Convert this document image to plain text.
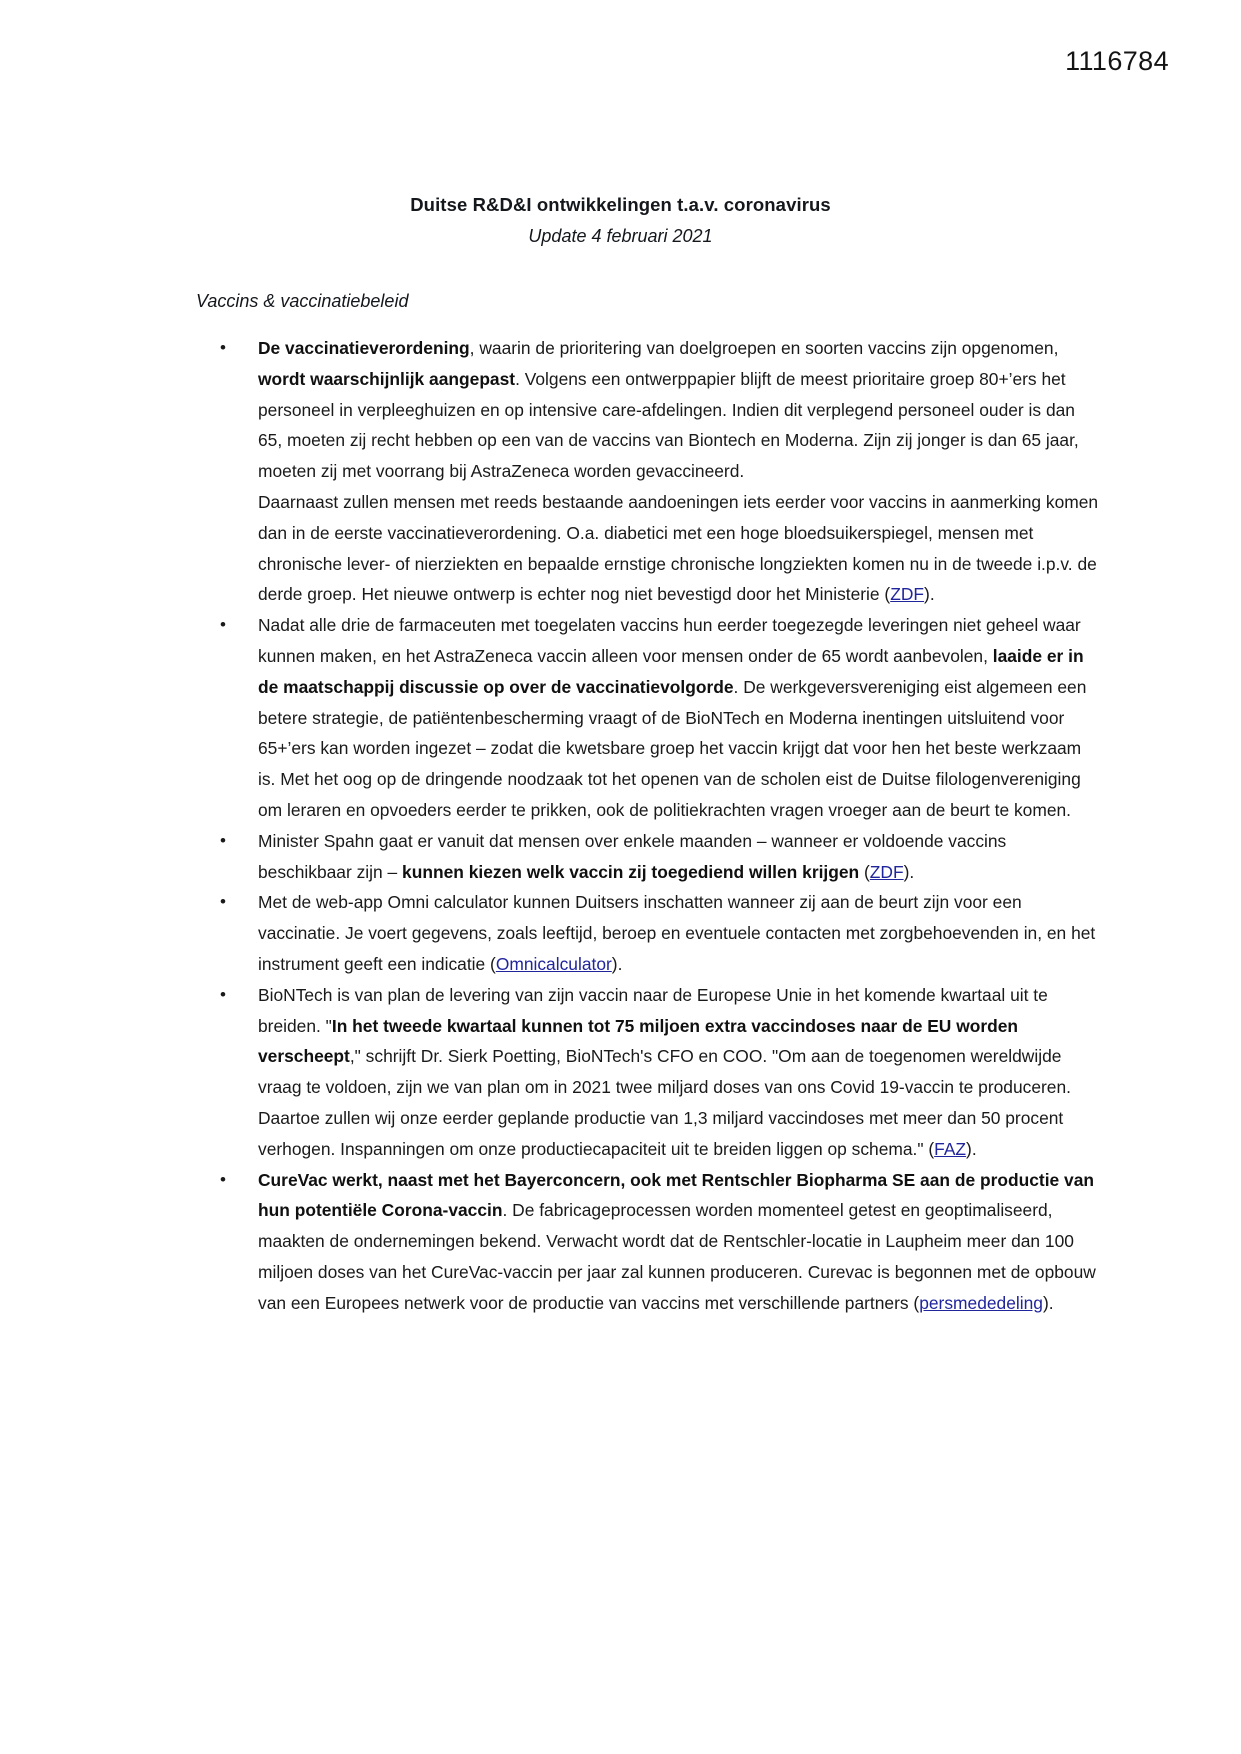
1116784
Duitse R&D&I ontwikkelingen t.a.v. coronavirus
Update 4 februari 2021
Vaccins & vaccinatiebeleid
• De vaccinatieverordening, waarin de prioritering van doelgroepen en soorten vaccins zijn opgenomen, wordt waarschijnlijk aangepast. Volgens een ontwerppapier blijft de meest prioritaire groep 80+’ers het personeel in verpleeghuizen en op intensive care-afdelingen. Indien dit verplegend personeel ouder is dan 65, moeten zij recht hebben op een van de vaccins van Biontech en Moderna. Zijn zij jonger is dan 65 jaar, moeten zij met voorrang bij AstraZeneca worden gevaccineerd.
Daarnaast zullen mensen met reeds bestaande aandoeningen iets eerder voor vaccins in aanmerking komen dan in de eerste vaccinatieverordening. O.a. diabetici met een hoge bloedsuikerspiegel, mensen met chronische lever- of nierziekten en bepaalde ernstige chronische longziekten komen nu in de tweede i.p.v. de derde groep. Het nieuwe ontwerp is echter nog niet bevestigd door het Ministerie (ZDF).
• Nadat alle drie de farmaceuten met toegelaten vaccins hun eerder toegezegde leveringen niet geheel waar kunnen maken, en het AstraZeneca vaccin alleen voor mensen onder de 65 wordt aanbevolen, laaide er in de maatschappij discussie op over de vaccinatievolgorde. De werkgeversvereniging eist algemeen een betere strategie, de patiëntenbescherming vraagt of de BioNTech en Moderna inentingen uitsluitend voor 65+’ers kan worden ingezet – zodat die kwetsbare groep het vaccin krijgt dat voor hen het beste werkzaam is. Met het oog op de dringende noodzaak tot het openen van de scholen eist de Duitse filologenvereniging om leraren en opvoeders eerder te prikken, ook de politiekrachten vragen vroeger aan de beurt te komen.
• Minister Spahn gaat er vanuit dat mensen over enkele maanden – wanneer er voldoende vaccins beschikbaar zijn – kunnen kiezen welk vaccin zij toegediend willen krijgen (ZDF).
• Met de web-app Omni calculator kunnen Duitsers inschatten wanneer zij aan de beurt zijn voor een vaccinatie. Je voert gegevens, zoals leeftijd, beroep en eventuele contacten met zorgbehoevenden in, en het instrument geeft een indicatie (Omnicalculator).
• BioNTech is van plan de levering van zijn vaccin naar de Europese Unie in het komende kwartaal uit te breiden. "In het tweede kwartaal kunnen tot 75 miljoen extra vaccindoses naar de EU worden verscheept," schrijft Dr. Sierk Poetting, BioNTech's CFO en COO. "Om aan de toegenomen wereldwijde vraag te voldoen, zijn we van plan om in 2021 twee miljard doses van ons Covid 19-vaccin te produceren. Daartoe zullen wij onze eerder geplande productie van 1,3 miljard vaccindoses met meer dan 50 procent verhogen. Inspanningen om onze productiecapaciteit uit te breiden liggen op schema." (FAZ).
• CureVac werkt, naast met het Bayerconcern, ook met Rentschler Biopharma SE aan de productie van hun potentiële Corona-vaccin. De fabricageprocessen worden momenteel getest en geoptimaliseerd, maakten de ondernemingen bekend. Verwacht wordt dat de Rentschler-locatie in Laupheim meer dan 100 miljoen doses van het CureVac-vaccin per jaar zal kunnen produceren. Curevac is begonnen met de opbouw van een Europees netwerk voor de productie van vaccins met verschillende partners (persmededeling).
